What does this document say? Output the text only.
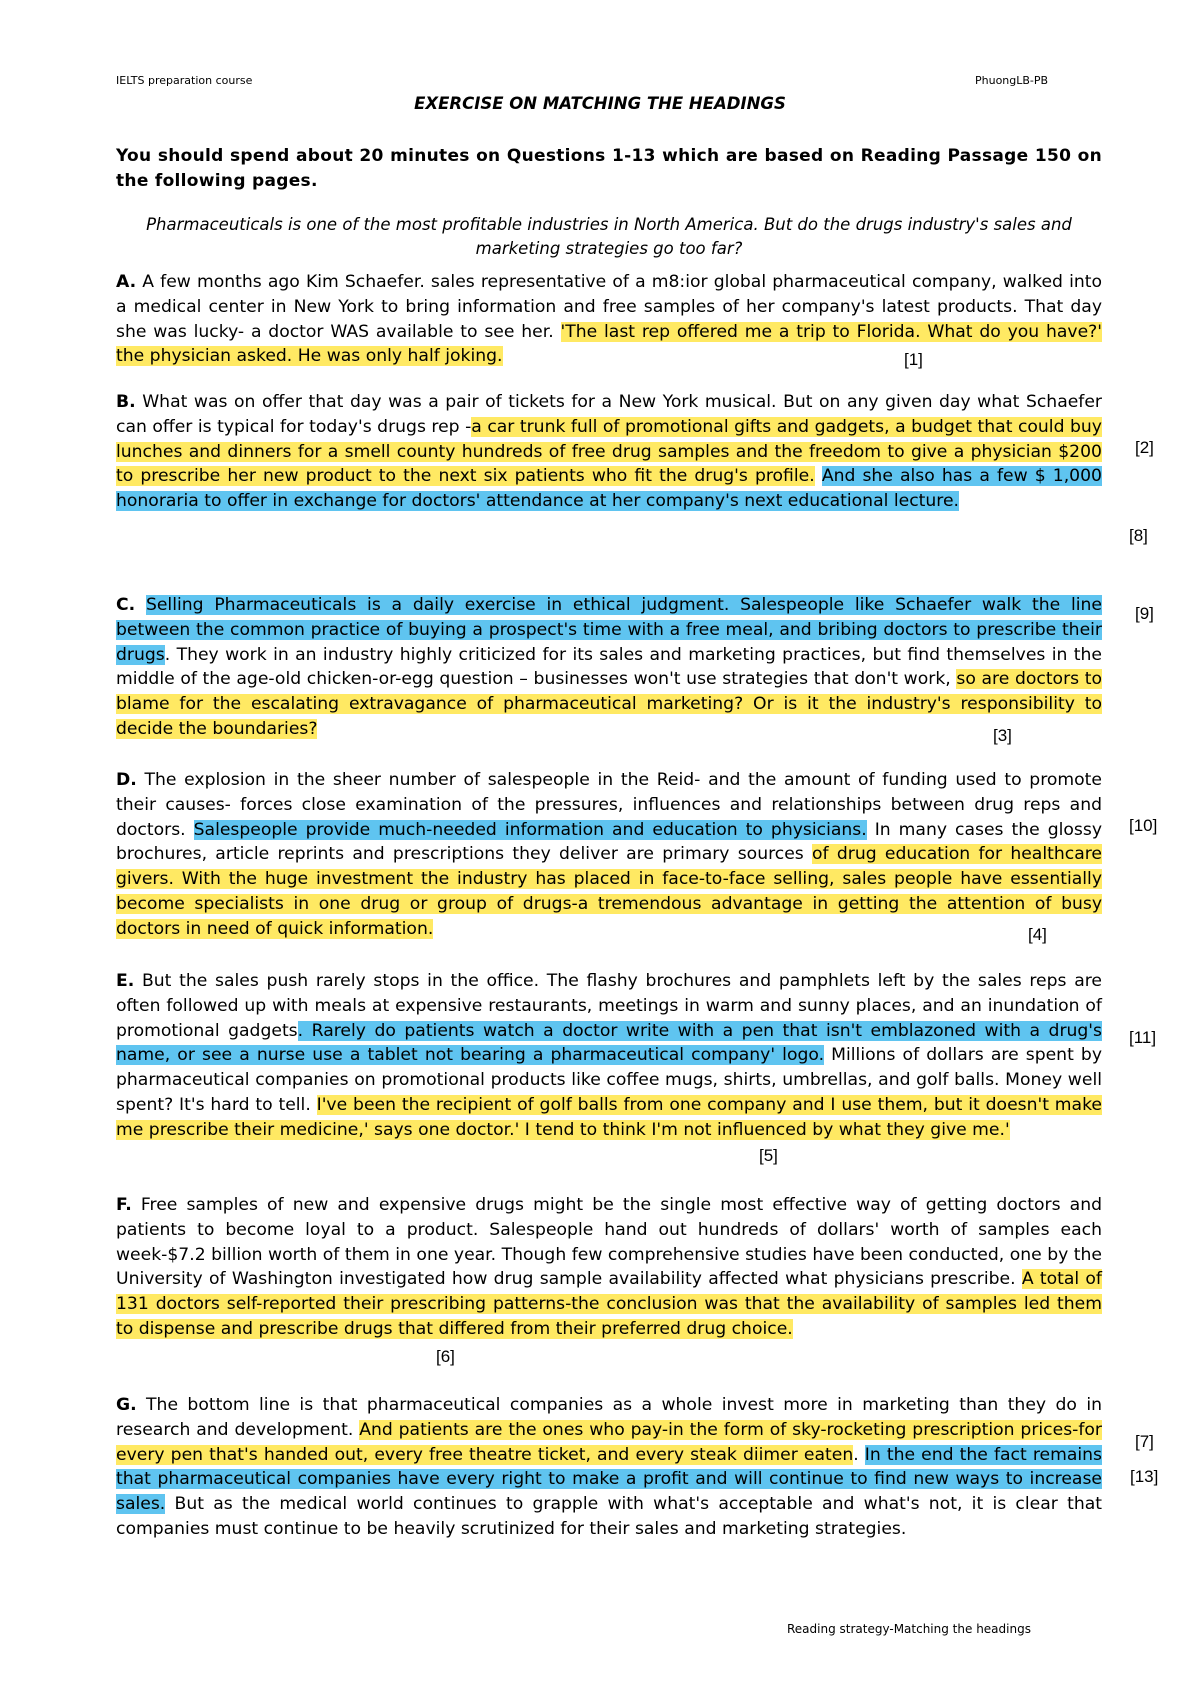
IELTS preparation course	PhuongLB-PB
EXERCISE ON MATCHING THE HEADINGS
You should spend about 20 minutes on Questions 1-13 which are based on Reading Passage 150 on the following pages.
Pharmaceuticals is one of the most profitable industries in North America. But do the drugs industry's sales and marketing strategies go too far?
A. A few months ago Kim Schaefer. sales representative of a m8:ior global pharmaceutical company, walked into a medical center in New York to bring information and free samples of her company's latest products. That day she was lucky- a doctor WAS available to see her. 'The last rep offered me a trip to Florida. What do you have?' the physician asked. He was only half joking.	[1]
B. What was on offer that day was a pair of tickets for a New York musical. But on any given day what Schaefer can offer is typical for today's drugs rep -a car trunk full of promotional gifts and gadgets, a budget that could buy lunches and dinners for a smell county hundreds of free drug samples and the freedom to give a physician $200 to prescribe her new product to the next six patients who fit the drug's profile. And she also has a few $ 1,000 honoraria to offer in exchange for doctors' attendance at her company's next educational lecture.
[2]
[8]
C. Selling Pharmaceuticals is a daily exercise in ethical judgment. Salespeople like Schaefer walk the line between the common practice of buying a prospect's time with a free meal, and bribing doctors to prescribe their drugs. They work in an industry highly criticized for its sales and marketing practices, but find themselves in the middle of the age-old chicken-or-egg question – businesses won't use strategies that don't work, so are doctors to blame for the escalating extravagance of pharmaceutical marketing? Or is it the industry's responsibility to decide the boundaries?
[9]
[3]
D. The explosion in the sheer number of salespeople in the Reid- and the amount of funding used to promote their causes- forces close examination of the pressures, influences and relationships between drug reps and doctors. Salespeople provide much-needed information and education to physicians. In many cases the glossy brochures, article reprints and prescriptions they deliver are primary sources of drug education for healthcare givers. With the huge investment the industry has placed in face-to-face selling, sales people have essentially become specialists in one drug or group of drugs-a tremendous advantage in getting the attention of busy doctors in need of quick information.
[10]
[4]
E. But the sales push rarely stops in the office. The flashy brochures and pamphlets left by the sales reps are often followed up with meals at expensive restaurants, meetings in warm and sunny places, and an inundation of promotional gadgets. Rarely do patients watch a doctor write with a pen that isn't emblazoned with a drug's name, or see a nurse use a tablet not bearing a pharmaceutical company' logo. Millions of dollars are spent by pharmaceutical companies on promotional products like coffee mugs, shirts, umbrellas, and golf balls. Money well spent? It's hard to tell. I've been the recipient of golf balls from one company and I use them, but it doesn't make me prescribe their medicine,' says one doctor.' I tend to think I'm not influenced by what they give me.'
[11]
[5]
F. Free samples of new and expensive drugs might be the single most effective way of getting doctors and patients to become loyal to a product. Salespeople hand out hundreds of dollars' worth of samples each week-$7.2 billion worth of them in one year. Though few comprehensive studies have been conducted, one by the University of Washington investigated how drug sample availability affected what physicians prescribe. A total of 131 doctors self-reported their prescribing patterns-the conclusion was that the availability of samples led them to dispense and prescribe drugs that differed from their preferred drug choice.
[6]
G. The bottom line is that pharmaceutical companies as a whole invest more in marketing than they do in research and development. And patients are the ones who pay-in the form of sky-rocketing prescription prices-for every pen that's handed out, every free theatre ticket, and every steak diimer eaten. In the end the fact remains that pharmaceutical companies have every right to make a profit and will continue to find new ways to increase sales. But as the medical world continues to grapple with what's acceptable and what's not, it is clear that companies must continue to be heavily scrutinized for their sales and marketing strategies.
[7]
[13]
Reading strategy-Matching the headings
